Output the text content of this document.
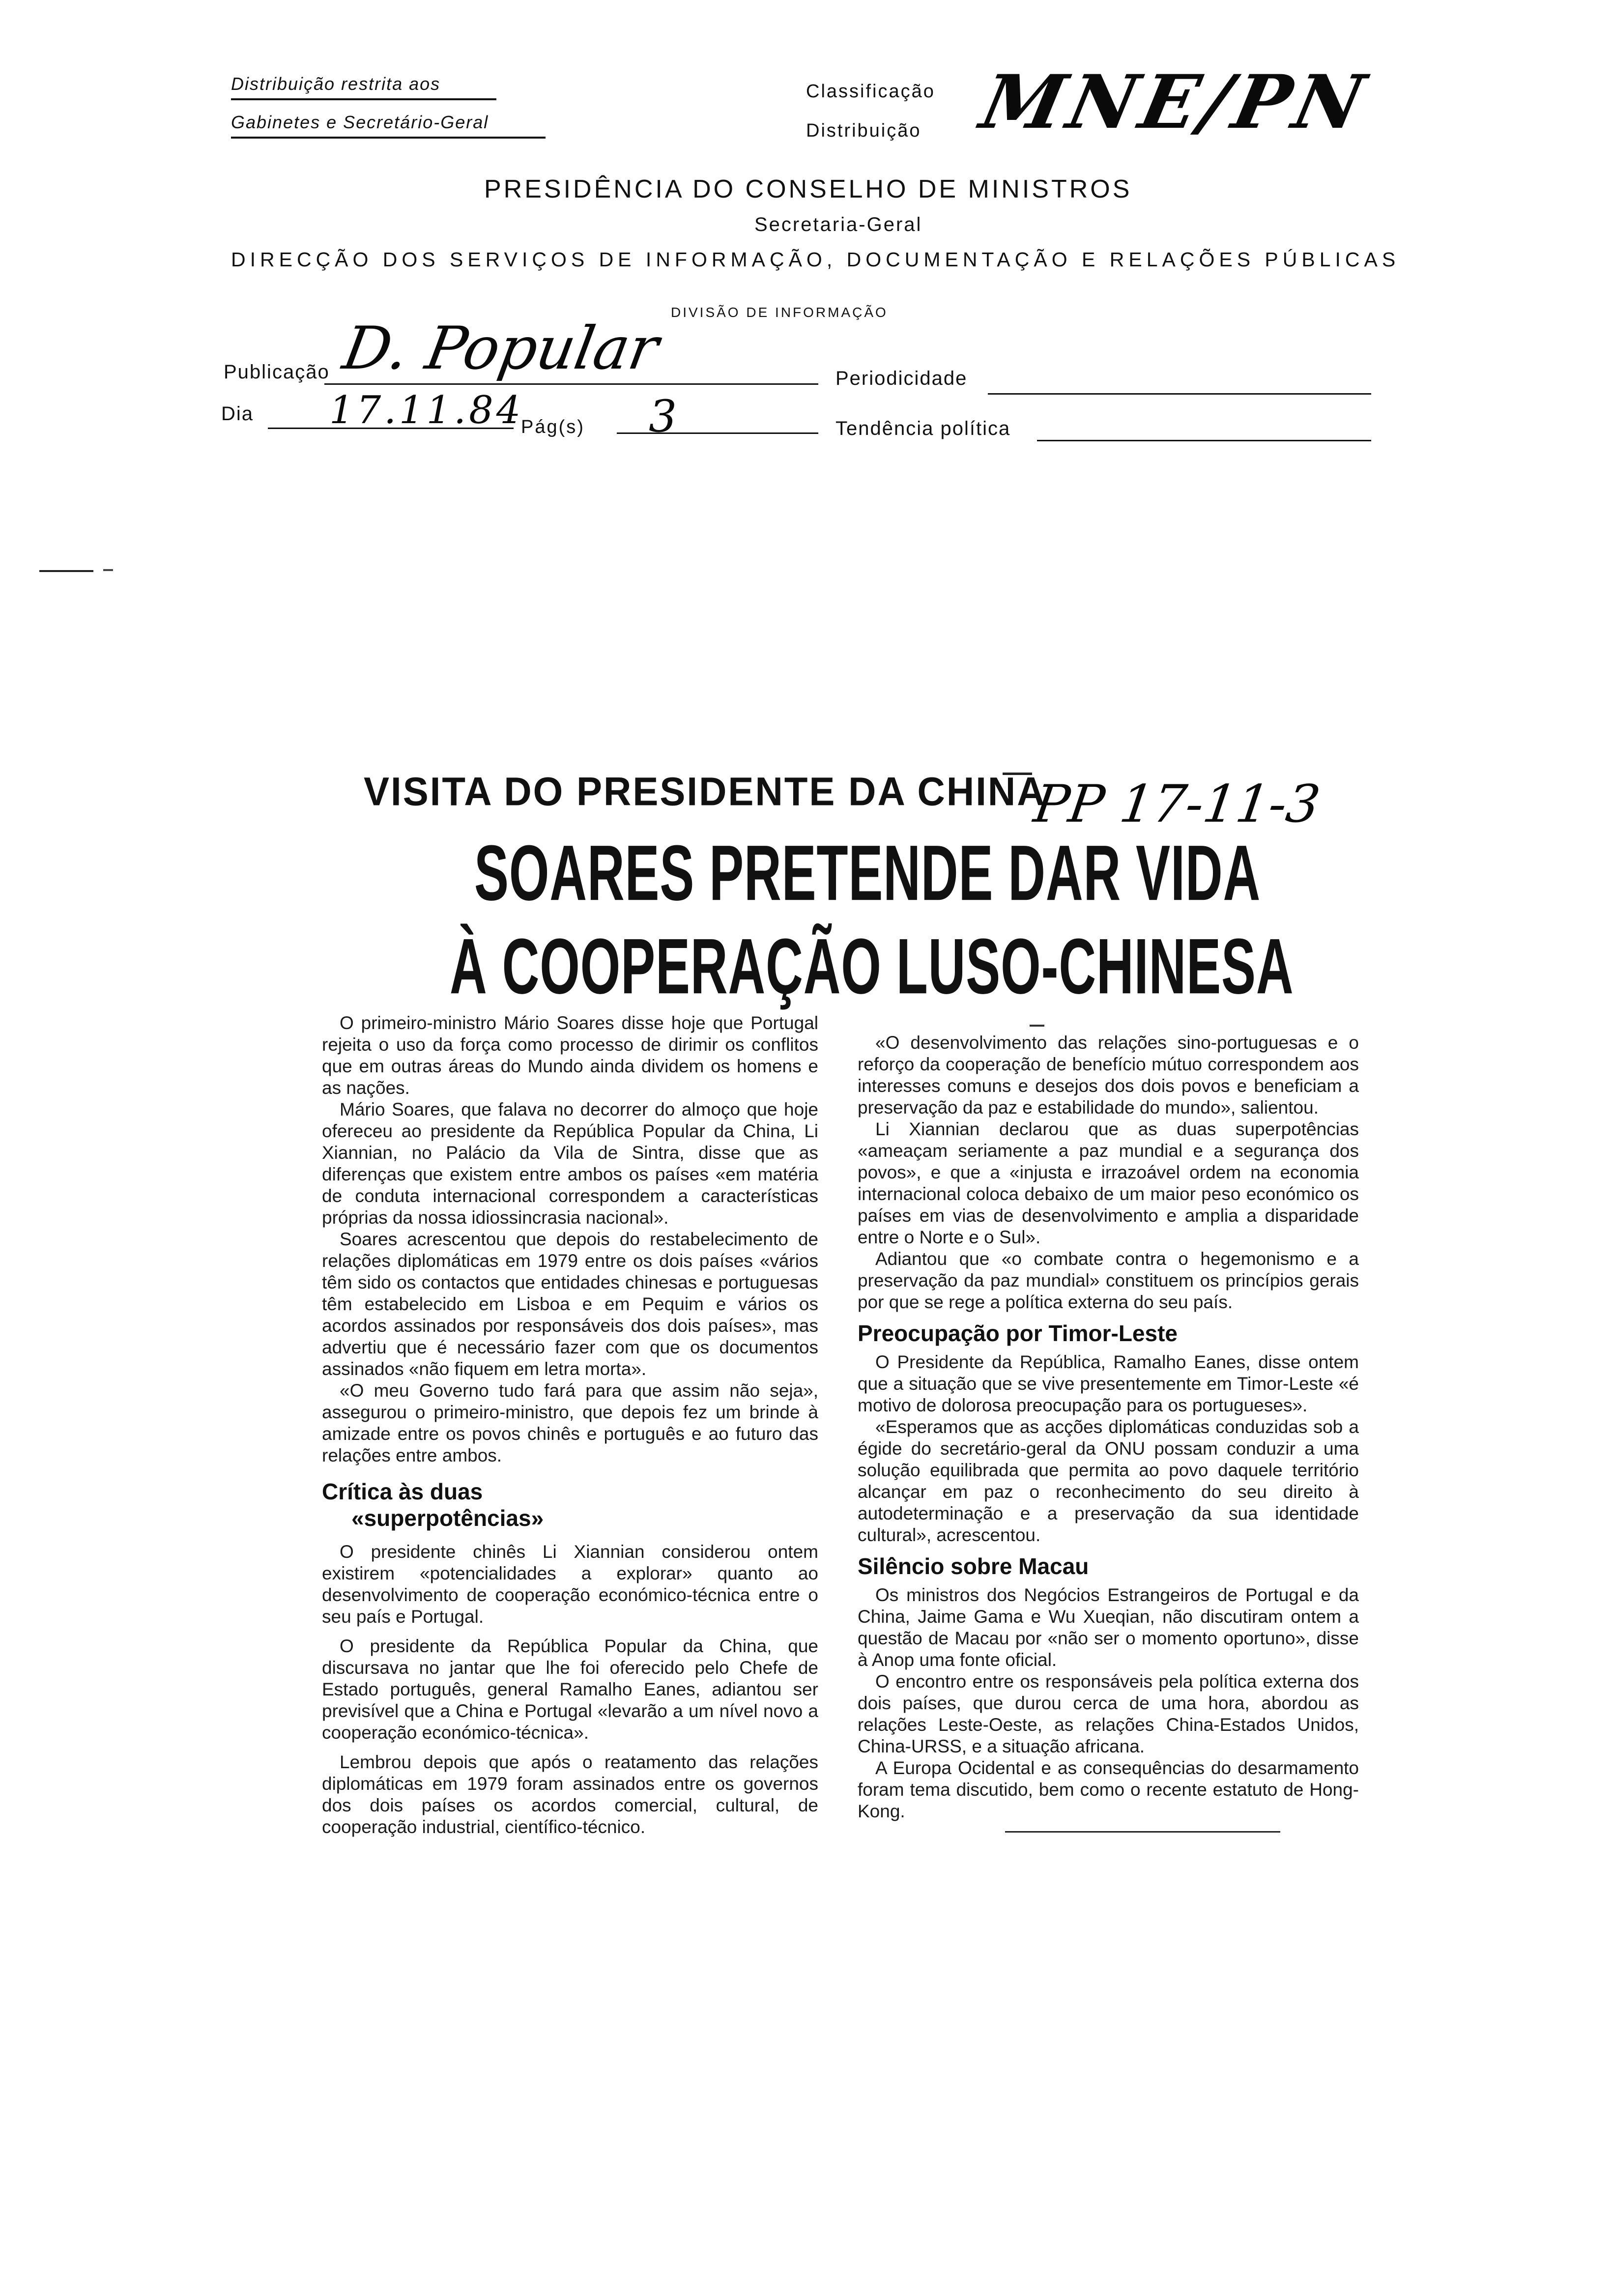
Distribuição restrita aos
Gabinetes e Secretário-Geral
Classificação MNE/PN
Distribuição
PRESIDÊNCIA DO CONSELHO DE MINISTROS
Secretaria-Geral
DIRECÇÃO DOS SERVIÇOS DE INFORMAÇÃO, DOCUMENTAÇÃO E RELAÇÕES PÚBLICAS
DIVISÃO DE INFORMAÇÃO
Publicação D. Popular	Periodicidade
Dia 17.11.84
Pág(s) 3	Tendência política
VISITA DO PRESIDENTE DA CHINA
PP 17-11-3
SOARES PRETENDE DAR VIDA
À COOPERAÇÃO LUSO-CHINESA

O primeiro-ministro Mário Soares disse hoje que Portugal rejeita o uso da força como processo de dirimir os conflitos que em outras áreas do Mundo ainda dividem os homens e as nações.

Mário Soares, que falava no decorrer do almoço que hoje ofereceu ao presidente da República Popular da China, Li Xiannian, no Palácio da Vila de Sintra, disse que as diferenças que existem entre ambos os países «em matéria de conduta internacional correspondem a características próprias da nossa idiossincrasia nacional».

Soares acrescentou que depois do restabelecimento de relações diplomáticas em 1979 entre os dois países «vários têm sido os contactos que entidades chinesas e portuguesas têm estabelecido em Lisboa e em Pequim e vários os acordos assinados por responsáveis dos dois países», mas advertiu que é necessário fazer com que os documentos assinados «não fiquem em letra morta».

«O meu Governo tudo fará para que assim não seja», assegurou o primeiro-ministro, que depois fez um brinde à amizade entre os povos chinês e português e ao futuro das relações entre ambos.

Crítica às duas
«superpotências»

O presidente chinês Li Xiannian considerou ontem existirem «potencialidades a explorar» quanto ao desenvolvimento de cooperação económico-técnica entre o seu país e Portugal.

O presidente da República Popular da China, que discursava no jantar que lhe foi oferecido pelo Chefe de Estado português, general Ramalho Eanes, adiantou ser previsível que a China e Portugal «levarão a um nível novo a cooperação económico-técnica».

Lembrou depois que após o reatamento das relações diplomáticas em 1979 foram assinados entre os governos dos dois países os acordos comercial, cultural, de cooperação industrial, científico-técnico.

«O desenvolvimento das relações sino-portuguesas e o reforço da cooperação de benefício mútuo correspondem aos interesses comuns e desejos dos dois povos e beneficiam a preservação da paz e estabilidade do mundo», salientou.

Li Xiannian declarou que as duas superpotências «ameaçam seriamente a paz mundial e a segurança dos povos», e que a «injusta e irrazoável ordem na economia internacional coloca debaixo de um maior peso económico os países em vias de desenvolvimento e amplia a disparidade entre o Norte e o Sul».

Adiantou que «o combate contra o hegemonismo e a preservação da paz mundial» constituem os princípios gerais por que se rege a política externa do seu país.

Preocupação por Timor-Leste

O Presidente da República, Ramalho Eanes, disse ontem que a situação que se vive presentemente em Timor-Leste «é motivo de dolorosa preocupação para os portugueses».

«Esperamos que as acções diplomáticas conduzidas sob a égide do secretário-geral da ONU possam conduzir a uma solução equilibrada que permita ao povo daquele território alcançar em paz o reconhecimento do seu direito à autodeterminação e a preservação da sua identidade cultural», acrescentou.

Silêncio sobre Macau

Os ministros dos Negócios Estrangeiros de Portugal e da China, Jaime Gama e Wu Xueqian, não discutiram ontem a questão de Macau por «não ser o momento oportuno», disse à Anop uma fonte oficial.

O encontro entre os responsáveis pela política externa dos dois países, que durou cerca de uma hora, abordou as relações Leste-Oeste, as relações China-Estados Unidos, China-URSS, e a situação africana.

A Europa Ocidental e as consequências do desarmamento foram tema discutido, bem como o recente estatuto de Hong-Kong.
